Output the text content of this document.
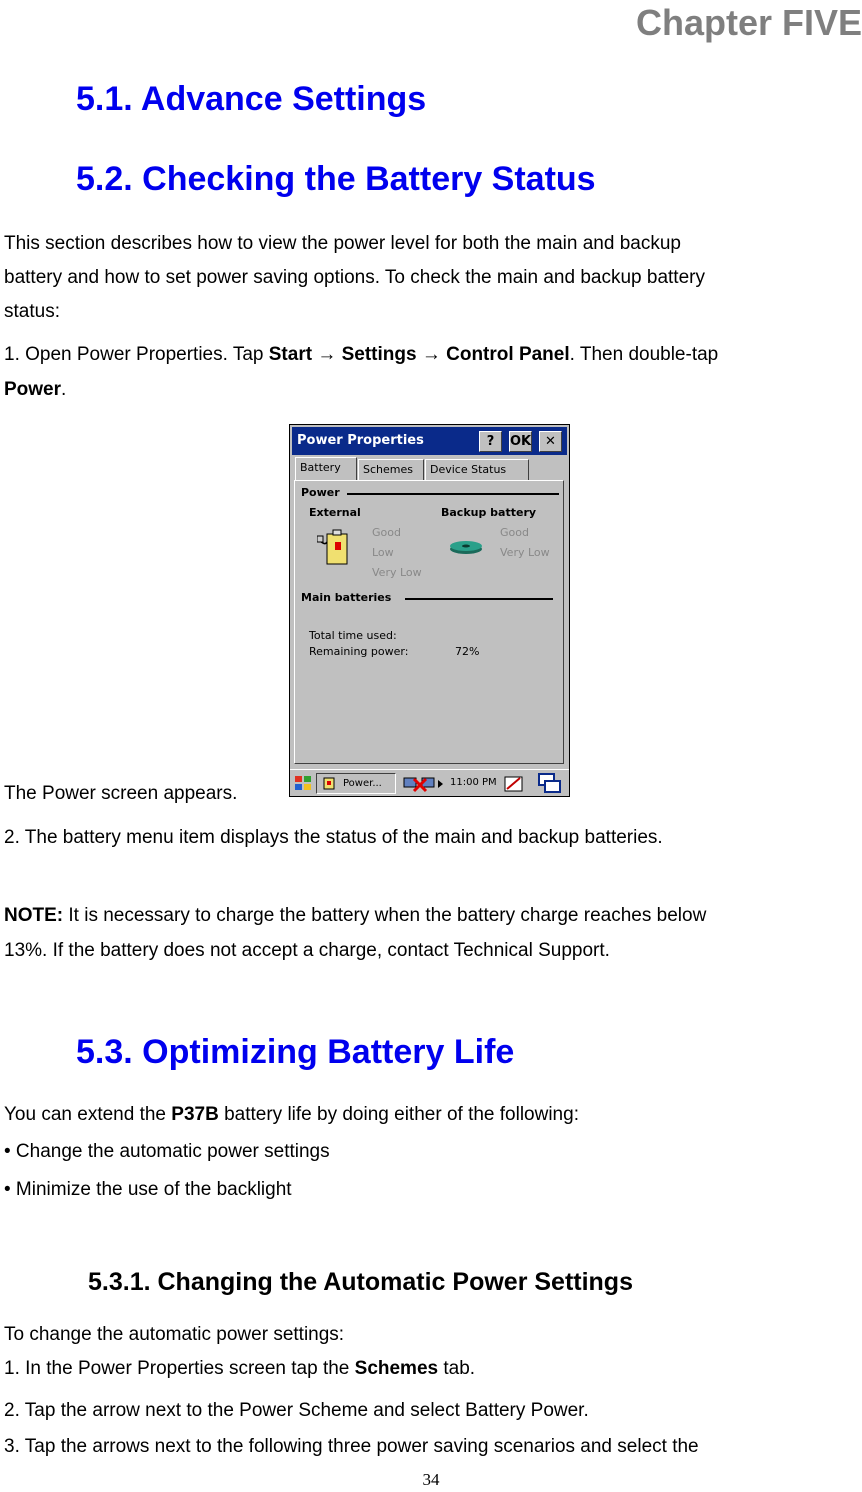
Chapter FIVE
5.1. Advance Settings
5.2. Checking the Battery Status
This section describes how to view the power level for both the main and backup
battery and how to set power saving options. To check the main and backup battery
status:
1. Open Power Properties. Tap Start → Settings → Control Panel. Then double-tap
Power.
The Power screen appears.
Power Properties	?	OK	✕
Battery	Schemes	Device Status
Power
External	Backup battery
Good
Low
Very Low
Good
Very Low
Main batteries
Total time used:
Remaining power:	72%
Power...	11:00 PM
2. The battery menu item displays the status of the main and backup batteries.
NOTE: It is necessary to charge the battery when the battery charge reaches below
13%. If the battery does not accept a charge, contact Technical Support.
5.3. Optimizing Battery Life
You can extend the P37B battery life by doing either of the following:
• Change the automatic power settings
• Minimize the use of the backlight
5.3.1. Changing the Automatic Power Settings
To change the automatic power settings:
1. In the Power Properties screen tap the Schemes tab.
2. Tap the arrow next to the Power Scheme and select Battery Power.
3. Tap the arrows next to the following three power saving scenarios and select the
34
